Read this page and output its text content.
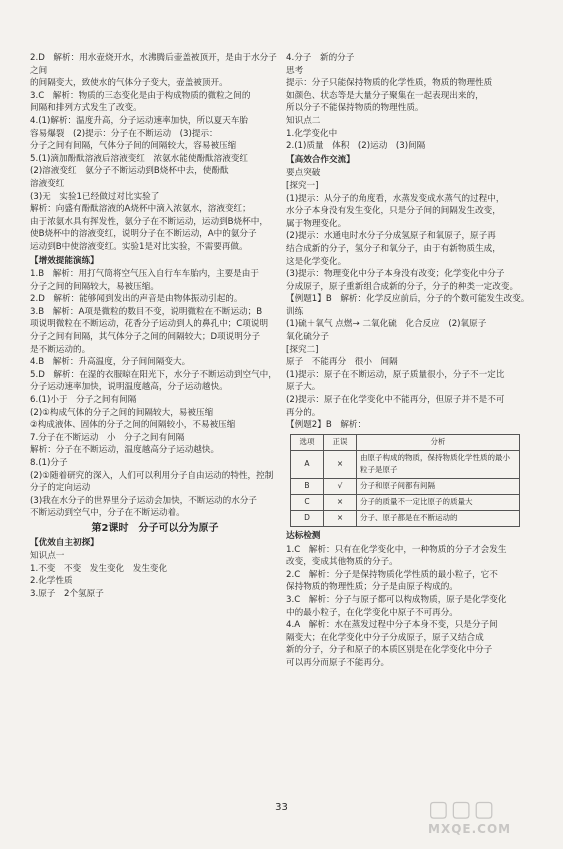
2.D　解析：用水壶烧开水，水沸腾后壶盖被顶开，是由于水分子之间

的间隔变大，致使水的气体分子变大，壶盖被顶开。

3.C　解析：物质的三态变化是由于构成物质的微粒之间的

间隔和排列方式发生了改变。

4.(1)解析：温度升高，分子运动速率加快，所以夏天车胎

容易爆裂　(2)提示：分子在不断运动　(3)提示：

分子之间有间隔，气体分子间的间隔较大，容易被压缩

5.(1)滴加酚酞溶液后溶液变红　浓氨水能使酚酞溶液变红

(2)溶液变红　氨分子不断运动到B烧杯中去，使酚酞

溶液变红

(3)无　实验1已经做过对比实验了

解析：向盛有酚酞溶液的A烧杯中滴入浓氨水，溶液变红；

由于浓氨水具有挥发性，氨分子在不断运动，运动到B烧杯中，

使B烧杯中的溶液变红，说明分子在不断运动，A中的氨分子

运动到B中使溶液变红。实验1是对比实验，不需要再做。

【增效提能演练】

1.B　解析：用打气筒将空气压入自行车车胎内，主要是由于

分子之间的间隔较大，易被压缩。

2.D　解析：能够闻到发出的声音是由物体振动引起的。

3.B　解析：A项是微粒的数目不变，说明微粒在不断运动；B

项说明微粒在不断运动，花香分子运动到人的鼻孔中；C项说明

分子之间有间隔，其气体分子之间的间隔较大；D项说明分子

是不断运动的。

4.B　解析：升高温度，分子间间隔变大。

5.D　解析：在湿的衣服晾在阳光下，水分子不断运动到空气中，

分子运动速率加快，说明温度越高，分子运动越快。

6.(1)小于　分子之间有间隔

(2)①构成气体的分子之间的间隔较大，易被压缩

②构成液体、固体的分子之间的间隔较小，不易被压缩

7.分子在不断运动　小　分子之间有间隔

解析：分子在不断运动，温度越高分子运动越快。

8.(1)分子

(2)①随着研究的深入，人们可以利用分子自由运动的特性，控制

分子的定向运动

(3)我在水分子的世界里分子运动会加快，不断运动的水分子

不断运动到空气中，分子在不断运动着。

第2课时　分子可以分为原子

【优效自主初探】

知识点一

1.不变　不变　发生变化　发生变化

2.化学性质

3.原子　2个氢原子

4.分子　新的分子

思考

提示：分子只能保持物质的化学性质，物质的物理性质

如颜色、状态等是大量分子聚集在一起表现出来的，

所以分子不能保持物质的物理性质。

知识点二

1.化学变化中

2.(1)质量　体积　(2)运动　(3)间隔

【高效合作交流】

要点突破

[探究一]

(1)提示：从分子的角度看，水蒸发变成水蒸气的过程中，

水分子本身没有发生变化，只是分子间的间隔发生改变，

属于物理变化。

(2)提示：水通电时水分子分成氢原子和氧原子，原子再

结合成新的分子，氢分子和氧分子，由于有新物质生成，

这是化学变化。

(3)提示：物理变化中分子本身没有改变；化学变化中分子

分成原子，原子重新组合成新的分子，分子的种类一定改变。

【例题1】B　解析：化学反应前后，分子的个数可能发生改变。

训练

(1)硫＋氧气 点燃→ 二氧化硫　化合反应　(2)氧原子

氧化硫分子

[探究二]

原子　不能再分　很小　间隔

(1)提示：原子在不断运动，原子质量很小，分子不一定比

原子大。

(2)提示：原子在化学变化中不能再分，但原子并不是不可

再分的。

【例题2】B　解析：

选项	正误	分析
A	×	由原子构成的物质，保持物质化学性质的最小粒子是原子
B	√	分子和原子间都有间隔
C	×	分子的质量不一定比原子的质量大
D	×	分子、原子都是在不断运动的

达标检测

1.C　解析：只有在化学变化中，一种物质的分子才会发生

改变，变成其他物质的分子。

2.C　解析：分子是保持物质化学性质的最小粒子，它不

保持物质的物理性质；分子是由原子构成的。

3.C　解析：分子与原子都可以构成物质，原子是化学变化

中的最小粒子，在化学变化中原子不可再分。

4.A　解析：水在蒸发过程中分子本身不变，只是分子间

隔变大；在化学变化中分子分成原子，原子又结合成

新的分子，分子和原子的本质区别是在化学变化中分子

可以再分而原子不能再分。

33	▢▢▢
MXQE.COM
